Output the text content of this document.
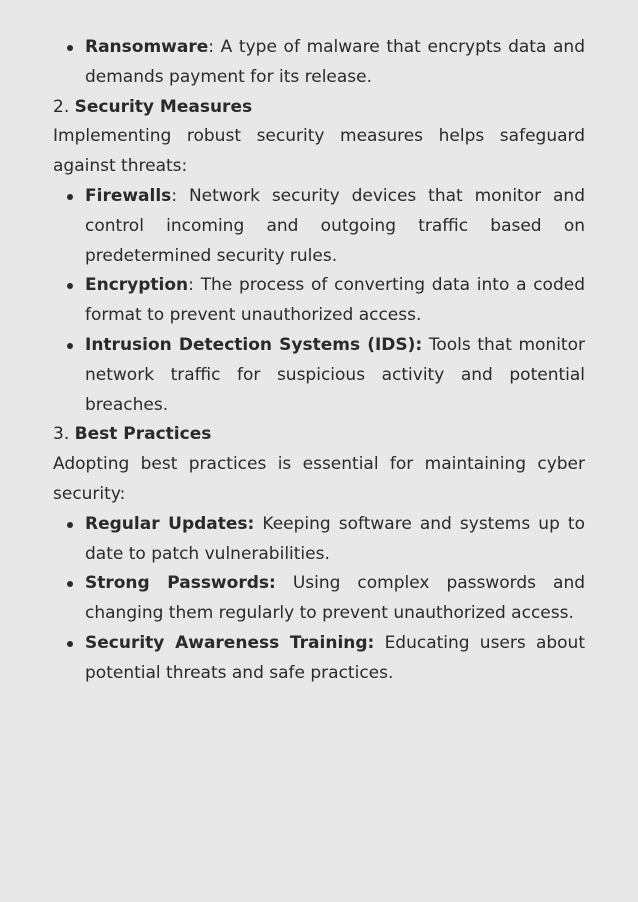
Ransomware: A type of malware that encrypts data and demands payment for its release.

2. Security Measures

Implementing robust security measures helps safeguard against threats:

Firewalls: Network security devices that monitor and control incoming and outgoing traffic based on predetermined security rules.
Encryption: The process of converting data into a coded format to prevent unauthorized access.
Intrusion Detection Systems (IDS): Tools that monitor network traffic for suspicious activity and potential breaches.

3. Best Practices

Adopting best practices is essential for maintaining cyber security:

Regular Updates: Keeping software and systems up to date to patch vulnerabilities.
Strong Passwords: Using complex passwords and changing them regularly to prevent unauthorized access.
Security Awareness Training: Educating users about potential threats and safe practices.
